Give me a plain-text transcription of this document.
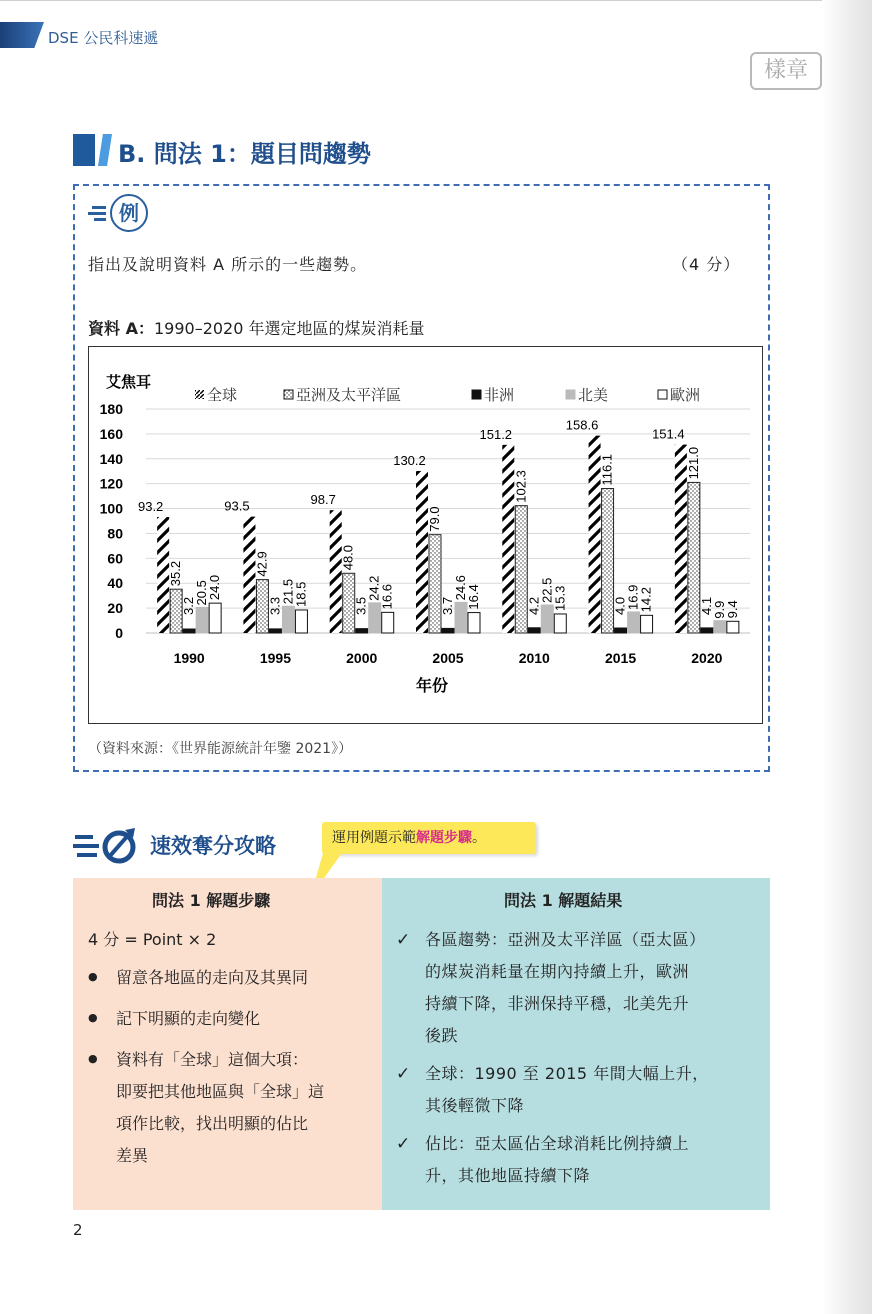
DSE 公民科速遞
樣章
B. 問法 1：題目問趨勢
例
指出及說明資料 A 所示的一些趨勢。	（4 分）
資料 A：1990–2020 年選定地區的煤炭消耗量
0
20
40
60
80
100
120
140
160
180
1990
93.2
35.2
3.2
20.5
24.0
1995
93.5
42.9
3.3
21.5
18.5
2000
98.7
48.0
3.5
24.2
16.6
2005
130.2
79.0
3.7
24.6
16.4
2010
151.2
102.3
4.2
22.5
15.3
2015
158.6
116.1
4.0
16.9
14.2
2020
151.4
121.0
4.1
9.9
9.4
艾焦耳
年份
全球	亞洲及太平洋區	非洲	北美	歐洲
（資料來源：《世界能源統計年鑒 2021》）
速效奪分攻略	運用例題示範解題步驟。
問法 1 解題步驟	問法 1 解題結果
4 分 = Point × 2
● 留意各地區的走向及其異同
● 記下明顯的走向變化
● 資料有「全球」這個大項：
即要把其他地區與「全球」這
項作比較，找出明顯的佔比
差異
✓ 各區趨勢：亞洲及太平洋區（亞太區）
的煤炭消耗量在期內持續上升，歐洲
持續下降，非洲保持平穩，北美先升
後跌
✓ 全球：1990 至 2015 年間大幅上升，
其後輕微下降
✓ 佔比：亞太區佔全球消耗比例持續上
升，其他地區持續下降
2
